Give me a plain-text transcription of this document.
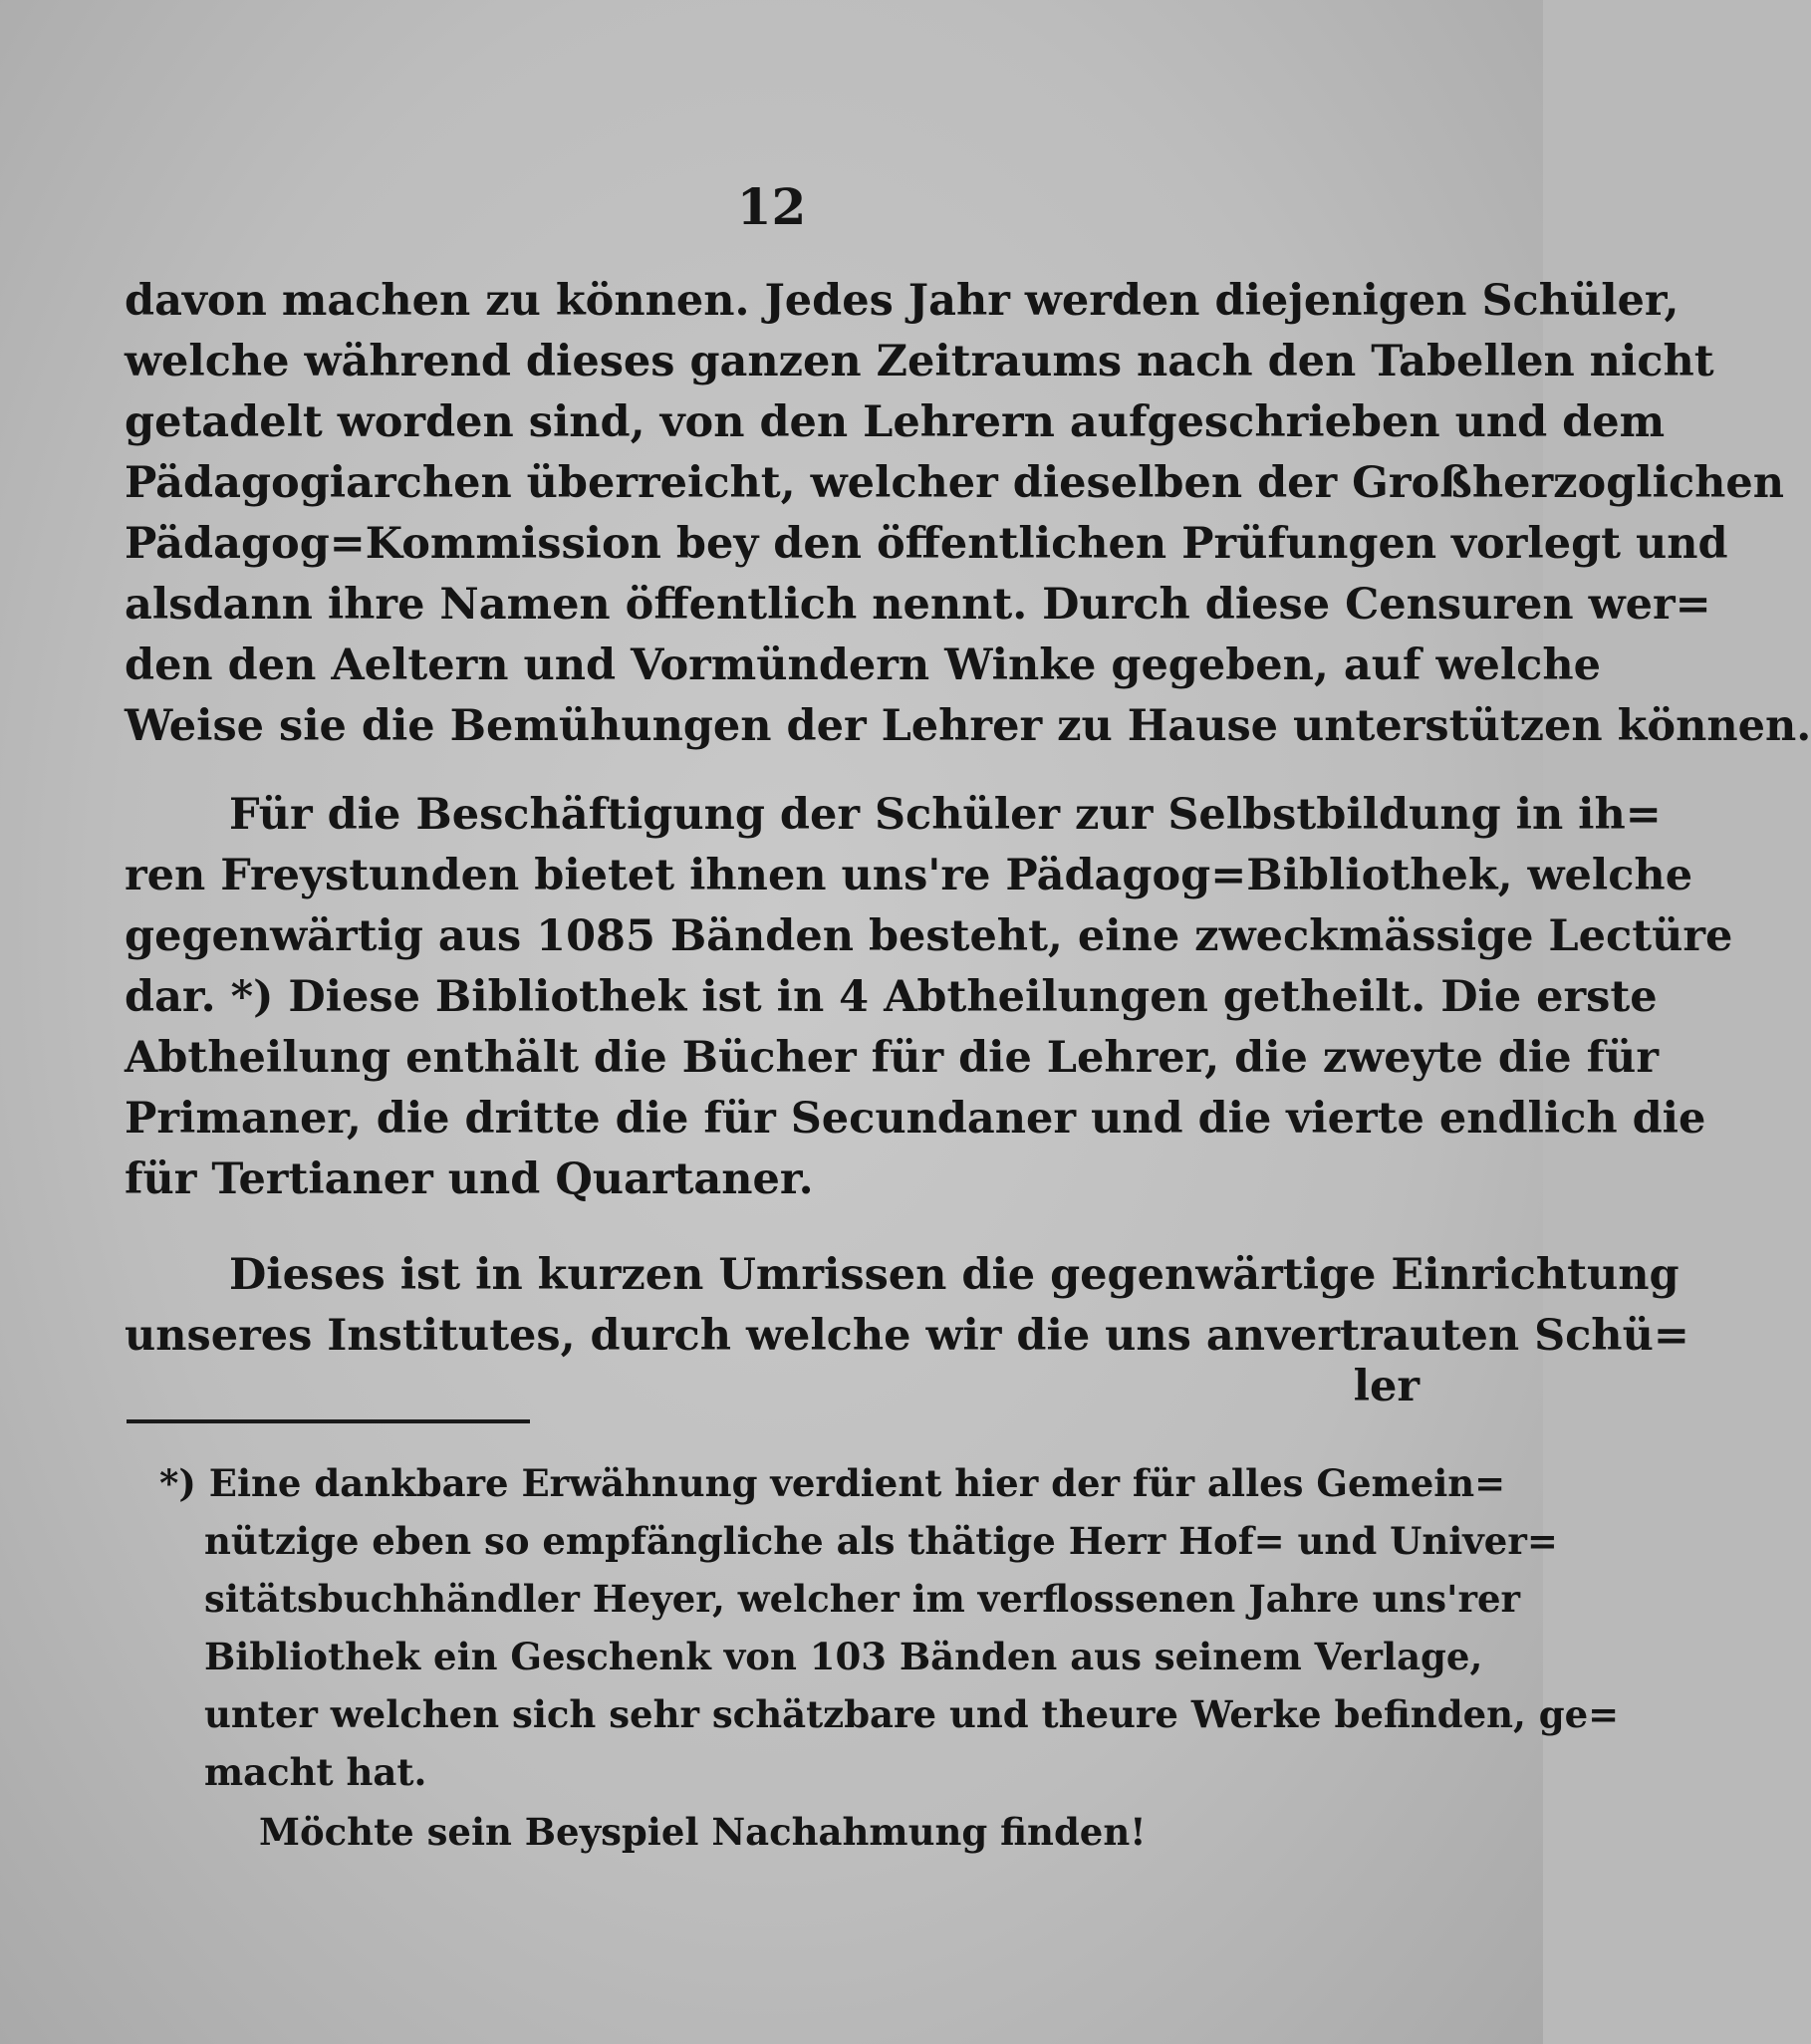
12
davon machen zu können. Jedes Jahr werden diejenigen Schüler,
welche während dieses ganzen Zeitraums nach den Tabellen nicht
getadelt worden sind, von den Lehrern aufgeschrieben und dem
Pädagogiarchen überreicht, welcher dieselben der Großherzoglichen
Pädagog=Kommission bey den öffentlichen Prüfungen vorlegt und
alsdann ihre Namen öffentlich nennt. Durch diese Censuren wer=
den den Aeltern und Vormündern Winke gegeben, auf welche
Weise sie die Bemühungen der Lehrer zu Hause unterstützen können.
Für die Beschäftigung der Schüler zur Selbstbildung in ih=
ren Freystunden bietet ihnen uns're Pädagog=Bibliothek, welche
gegenwärtig aus 1085 Bänden besteht, eine zweckmässige Lectüre
dar. *) Diese Bibliothek ist in 4 Abtheilungen getheilt. Die erste
Abtheilung enthält die Bücher für die Lehrer, die zweyte die für
Primaner, die dritte die für Secundaner und die vierte endlich die
für Tertianer und Quartaner.
Dieses ist in kurzen Umrissen die gegenwärtige Einrichtung
unseres Institutes, durch welche wir die uns anvertrauten Schü=
ler
*) Eine dankbare Erwähnung verdient hier der für alles Gemein=
nützige eben so empfängliche als thätige Herr Hof= und Univer=
sitätsbuchhändler Heyer, welcher im verflossenen Jahre uns'rer
Bibliothek ein Geschenk von 103 Bänden aus seinem Verlage,
unter welchen sich sehr schätzbare und theure Werke befinden, ge=
macht hat.
Möchte sein Beyspiel Nachahmung finden!
